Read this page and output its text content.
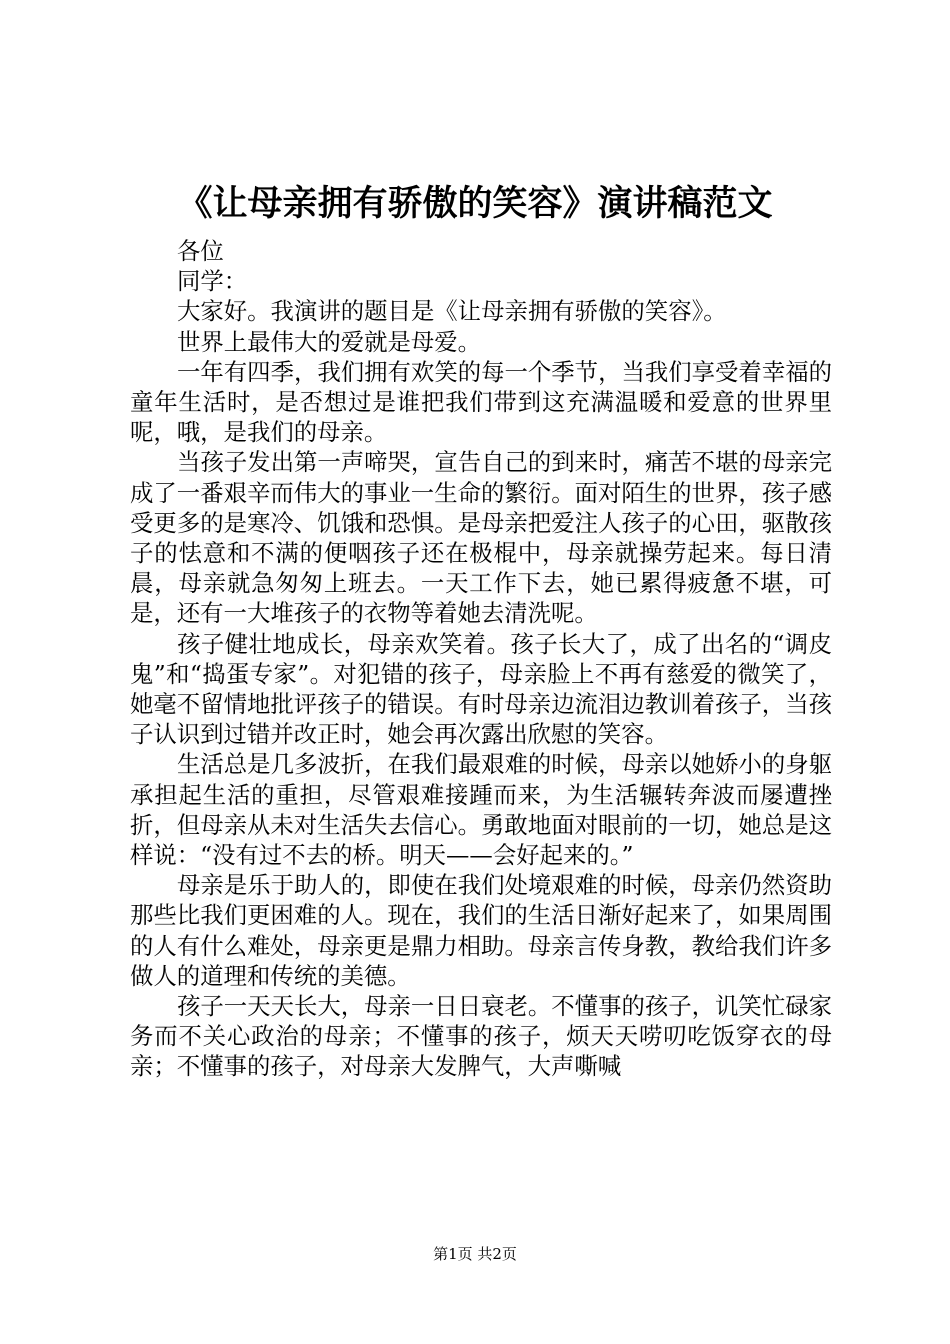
《让母亲拥有骄傲的笑容》演讲稿范文

各位

同学：

大家好。我演讲的题目是《让母亲拥有骄傲的笑容》。

世界上最伟大的爱就是母爱。

一年有四季，我们拥有欢笑的每一个季节，当我们享受着幸福的童年生活时，是否想过是谁把我们带到这充满温暖和爱意的世界里呢，哦，是我们的母亲。

当孩子发出第一声啼哭，宣告自己的到来时，痛苦不堪的母亲完成了一番艰辛而伟大的事业一生命的繁衍。面对陌生的世界，孩子感受更多的是寒冷、饥饿和恐惧。是母亲把爱注人孩子的心田，驱散孩子的怯意和不满的便咽孩子还在极棍中，母亲就操劳起来。每日清晨，母亲就急匆匆上班去。一天工作下去，她已累得疲惫不堪，可是，还有一大堆孩子的衣物等着她去清洗呢。

孩子健壮地成长，母亲欢笑着。孩子长大了，成了出名的“调皮鬼”和“捣蛋专家”。对犯错的孩子，母亲脸上不再有慈爱的微笑了，她毫不留情地批评孩子的错误。有时母亲边流泪边教训着孩子，当孩子认识到过错并改正时，她会再次露出欣慰的笑容。

生活总是几多波折，在我们最艰难的时候，母亲以她娇小的身躯承担起生活的重担，尽管艰难接踵而来，为生活辗转奔波而屡遭挫折，但母亲从未对生活失去信心。勇敢地面对眼前的一切，她总是这样说：“没有过不去的桥。明天——会好起来的。”

母亲是乐于助人的，即使在我们处境艰难的时候，母亲仍然资助那些比我们更困难的人。现在，我们的生活日渐好起来了，如果周围的人有什么难处，母亲更是鼎力相助。母亲言传身教，教给我们许多做人的道理和传统的美德。

孩子一天天长大，母亲一日日衰老。不懂事的孩子，讥笑忙碌家务而不关心政治的母亲；不懂事的孩子，烦天天唠叨吃饭穿衣的母亲；不懂事的孩子，对母亲大发脾气，大声嘶喊

第1页 共2页
